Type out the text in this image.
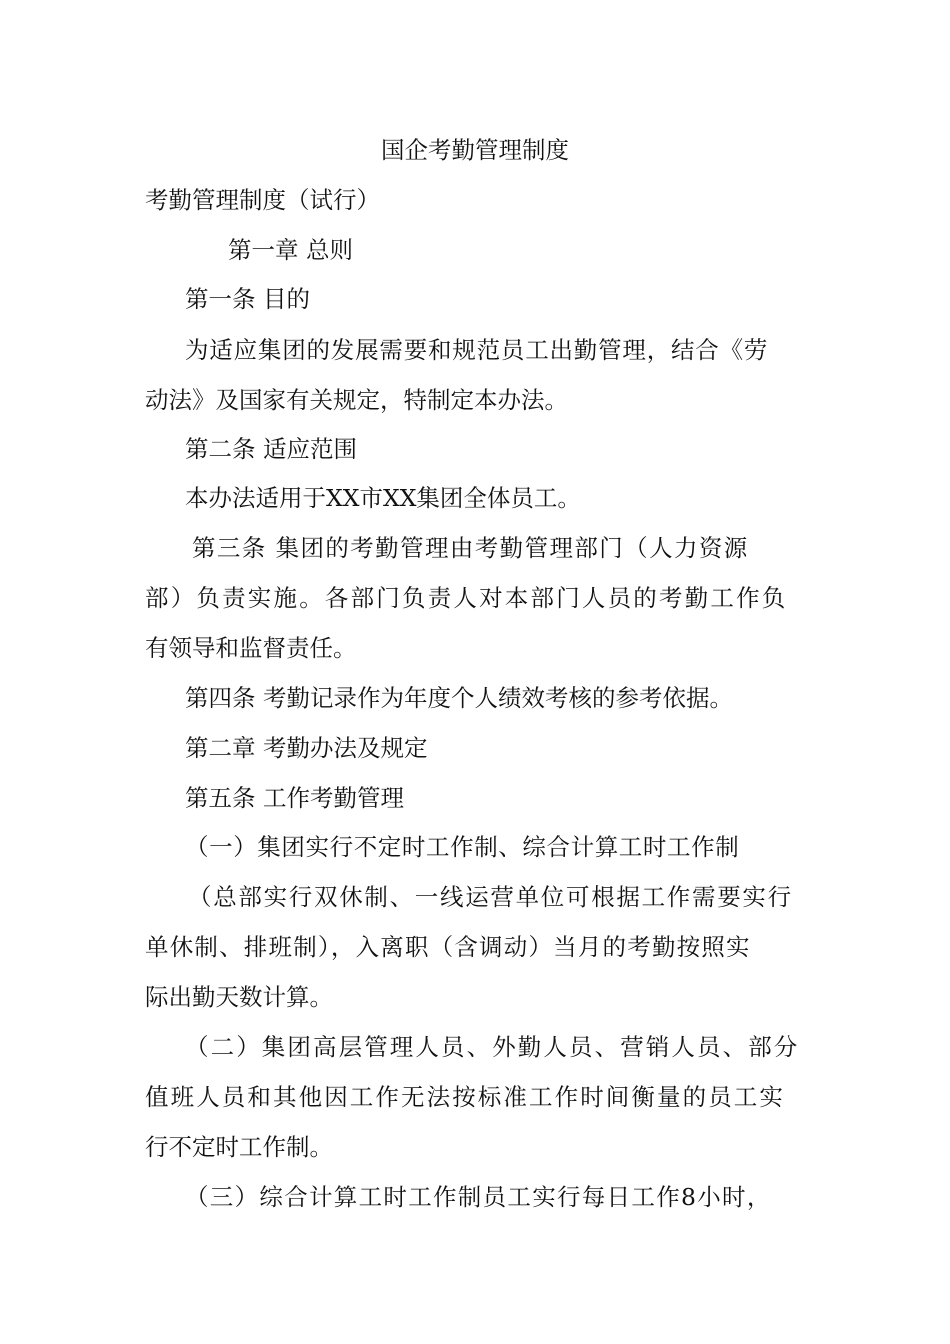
国企考勤管理制度

考勤管理制度（试行）

第一章 总则

第一条 目的

为适应集团的发展需要和规范员工出勤管理，结合《劳

动法》及国家有关规定，特制定本办法。

第二条 适应范围

本办法适用于XX市XX集团全体员工。

第三条 集团的考勤管理由考勤管理部门（人力资源

部）负责实施。各部门负责人对本部门人员的考勤工作负

有领导和监督责任。

第四条 考勤记录作为年度个人绩效考核的参考依据。

第二章 考勤办法及规定

第五条 工作考勤管理

（一）集团实行不定时工作制、综合计算工时工作制

（总部实行双休制、一线运营单位可根据工作需要实行

单休制、排班制），入离职（含调动）当月的考勤按照实

际出勤天数计算。

（二）集团高层管理人员、外勤人员、营销人员、部分

值班人员和其他因工作无法按标准工作时间衡量的员工实

行不定时工作制。

（三）综合计算工时工作制员工实行每日工作8小时，
